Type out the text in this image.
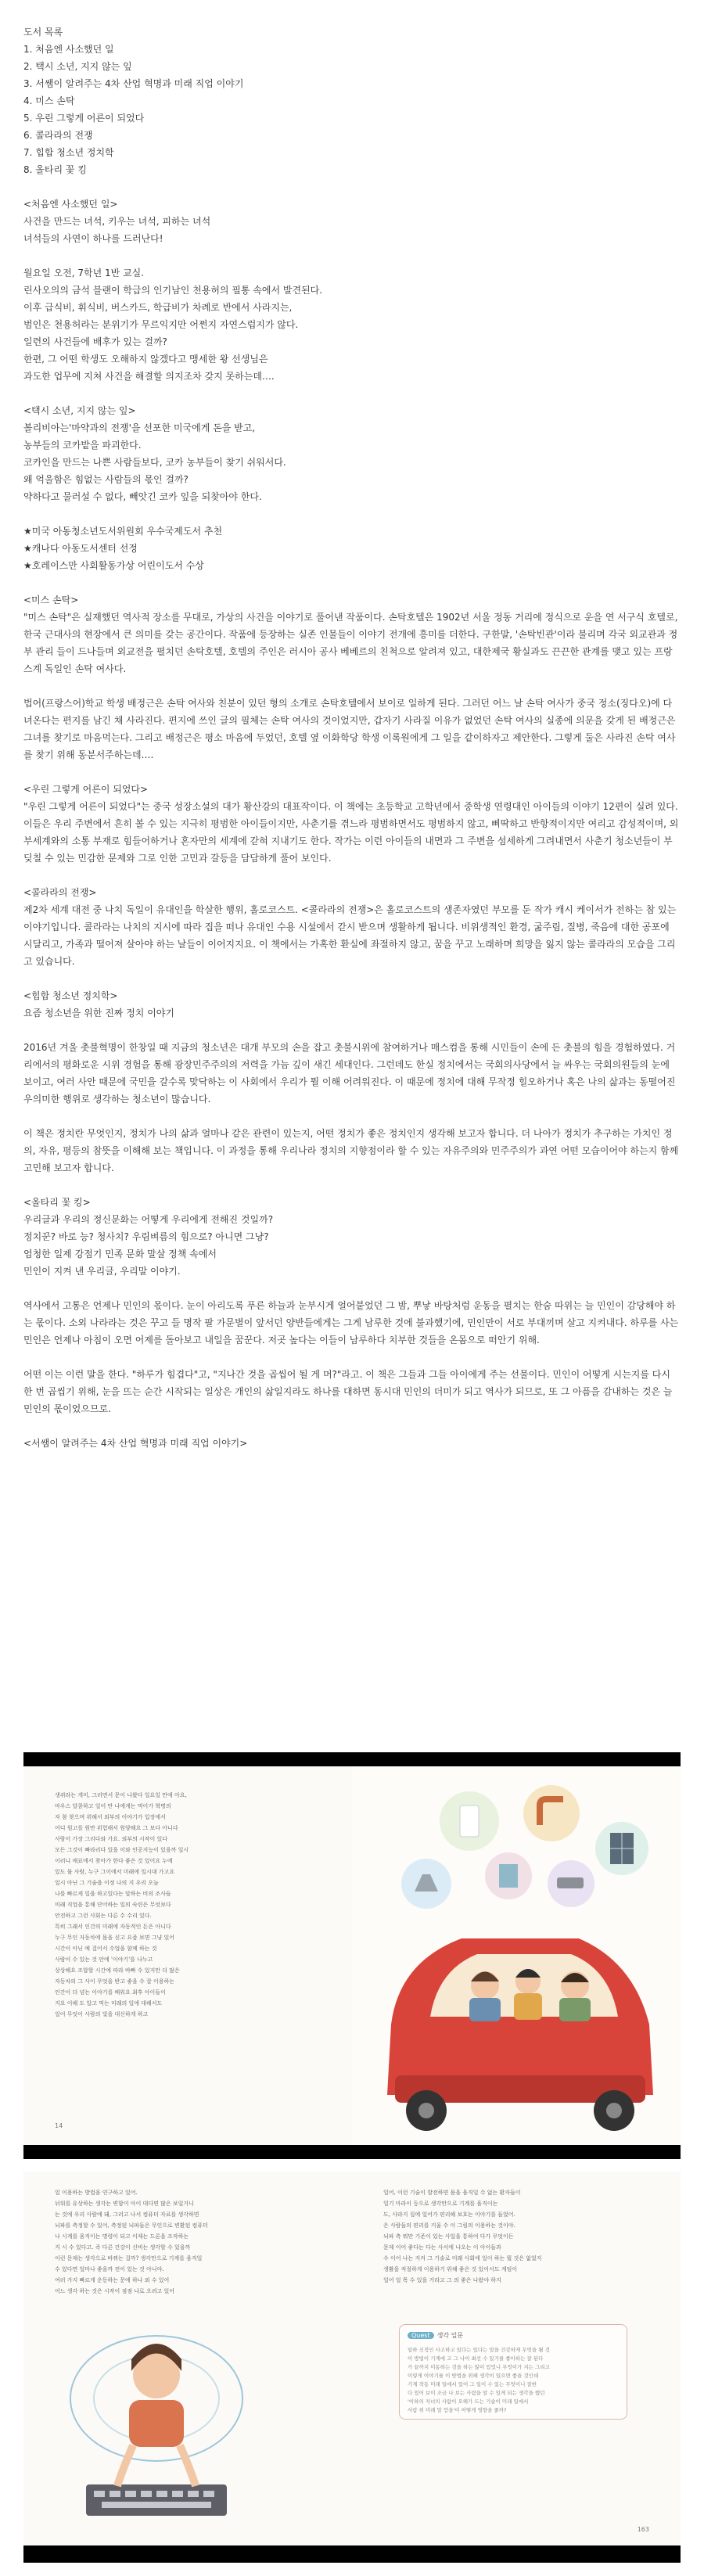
도서 목록
1. 처음엔 사소했던 일
2. 택시 소년, 지지 않는 잎
3. 서쌤이 알려주는 4차 산업 혁명과 미래 직업 이야기
4. 미스 손탁
5. 우린 그렇게 어른이 되었다
6. 콜라라의 전쟁
7. 힙합 청소년 정치학
8. 올타리 꽃 킹
<처음엔 사소했던 일>
사건을 만드는 녀석, 키우는 녀석, 피하는 녀석
녀석들의 사연이 하나를 드러난다!
월요일 오전, 7학년 1반 교실.
린사오의의 금석 블랜이 학급의 인기남인 천용허의 필통 속에서 발견된다.
이후 급식비, 휘식비, 버스카드, 학급비가 차례로 반에서 사라지는,
범인은 천용허라는 분위기가 무르익지만 어쩐지 자연스럽지가 않다.
일련의 사건들에 배후가 있는 걸까?
한편, 그 어떤 학생도 오해하지 않겠다고 맹세한 왕 선생님은
과도한 업무에 지쳐 사건을 해결할 의지조차 갖지 못하는데….
<택시 소년, 지지 않는 잎>
볼리비아는'마약과의 전쟁'을 선포한 미국에게 돈을 받고,
농부들의 코카밭을 파괴한다.
코카인을 만드는 나쁜 사람들보다, 코카 농부들이 찾기 쉬워서다.
왜 억울함은 힘없는 사람들의 몫인 걸까?
약하다고 물러설 수 없다, 빼앗긴 코카 잎을 되찾아야 한다.
★미국 아동청소년도서위원회 우수국제도서 추천
★캐나다 아동도서센터 선정
★호레이스만 사회활동가상 어린이도서 수상
<미스 손탁>
"미스 손탁"은 실재했던 역사적 장소를 무대로, 가상의 사건을 이야기로 풀어낸 작품이다. 손탁호텔은 1902년 서울 정동 거리에 정식으로 운을 연 서구식 호텔로, 한국 근대사의 현장에서 큰 의미를 갖는 공간이다. 작품에 등장하는 실존 인물들이 이야기 전개에 흥미를 더한다. 구한말, '손탁빈관'이라 불리며 각국 외교관과 정부 관리 들이 드나들며 외교전을 펼치던 손탁호텔, 호텔의 주인은 러시아 공사 베베르의 친척으로 알려져 있고, 대한제국 황실과도 끈끈한 관계를 맺고 있는 프랑스계 독일인 손탁 여사다.
법어(프랑스어)학교 학생 배정근은 손탁 여사와 친분이 있던 형의 소개로 손탁호텔에서 보이로 일하게 된다. 그러던 어느 날 손탁 여사가 중국 정소(징다오)에 다녀온다는 편지를 남긴 채 사라진다. 편지에 쓰인 글의 필체는 손탁 여사의 것이었지만, 갑자기 사라질 이유가 없었던 손탁 여사의 실종에 의문을 갖게 된 배정근은 그녀를 찾기로 마음먹는다. 그리고 배정근은 평소 마음에 두었던, 호텔 옆 이화학당 학생 이록원에게 그 일을 같이하자고 제안한다. 그렇게 둘은 사라진 손탁 여사를 찾기 위해 동분서주하는데….
<우린 그렇게 어른이 되었다>
"우린 그렇게 어른이 되었다"는 중국 성장소설의 대가 황산강의 대표작이다. 이 책에는 초등학교 고학년에서 중학생 연령대인 아이들의 이야기 12편이 실려 있다. 이들은 우리 주변에서 흔히 볼 수 있는 지극히 평범한 아이들이지만, 사춘기를 겪느라 평범하면서도 평범하지 않고, 삐딱하고 반항적이지만 여리고 감성적이며, 외부세계와의 소통 부재로 힘들어하거나 혼자만의 세계에 갇혀 지내기도 한다. 작가는 이런 아이들의 내면과 그 주변을 섬세하게 그려내면서 사춘기 청소년들이 부딪칠 수 있는 민감한 문제와 그로 인한 고민과 갈등을 담담하게 풀어 보인다.
<콜라라의 전쟁>
제2차 세계 대전 중 나치 독일이 유대인을 학살한 행위, 홀로코스트. <콜라라의 전쟁>은 홀로코스트의 생존자였던 부모를 둔 작가 캐시 케이서가 전하는 참 있는 이야기입니다. 콜라라는 나치의 지시에 따라 집을 떠나 유대인 수용 시설에서 갇시 받으며 생활하게 됩니다. 비위생적인 환경, 굶주림, 질병, 죽음에 대한 공포에 시달리고, 가족과 떨어져 살아야 하는 날들이 이어지지요. 이 책에서는 가혹한 환실에 좌절하지 않고, 꿈을 꾸고 노래하며 희망을 잃지 않는 콜라라의 모습을 그리고 있습니다.
<힙합 청소년 정치학>
요즘 청소년을 위한 진짜 정치 이야기
2016년 겨울 촛불혁명이 한창일 때 지금의 청소년은 대개 부모의 손을 잡고 촛불시위에 참여하거나 매스컴을 통해 시민들이 손에 든 촛불의 힘을 경험하였다. 거리에서의 평화로운 시위 경험을 통해 광장민주주의의 저력을 가늠 깊이 새긴 세대인다. 그런데도 한실 정치에서는 국회의사당에서 늘 싸우는 국회의원들의 눈에 보이고, 여러 사안 때문에 국민을 갈수록 맞닥하는 이 사회에서 우리가 뭘 이해 어려워진다. 이 때문에 정치에 대해 무작정 힐오하거나 혹은 나의 삶과는 동떨어진 우의미한 행위로 생각하는 청소년이 많습니다.
이 책은 정치란 무엇인지, 정치가 나의 삶과 얼마나 같은 관련이 있는지, 어떤 정치가 좋은 정치인지 생각해 보고자 합니다. 더 나아가 정치가 추구하는 가치인 정의, 자유, 평등의 참뜻을 이해해 보는 책입니다. 이 과정을 통해 우리나라 정치의 지향점이라 할 수 있는 자유주의와 민주주의가 과연 어떤 모습이어야 하는지 함께 고민해 보고자 합니다.
<올타리 꽃 킹>
우리글과 우리의 정신문화는 어떻게 우리에게 전해진 것일까?
정치꾼? 바로 능? 청사치? 우림벼름의 힘으로? 아니면 그냥?
엄청한 일제 강점기 민족 문화 말살 정책 속에서
민인이 지켜 낸 우리글, 우리말 이야기.
역사에서 고통은 언제나 민인의 몫이다. 눈이 아리도록 푸른 하늘과 눈부시게 얼어붙었던 그 밤, 뿌낳 바탕처럼 운동을 펼치는 한숨 따위는 늘 민인이 감당해야 하는 몫이다. 소외 나라라는 것은 꾸고 들 명작 팔 가문별이 앞서던 양반들에게는 그게 남루한 것에 불과했기에, 민인만이 서로 부대끼며 살고 지켜내다. 하루를 사는 민인은 언제나 아침이 오면 어제를 돌아보고 내일을 꿈꾼다. 저곳 높다는 이들이 남루하다 치부한 것들을 온몸으로 떠안기 위해.
어떤 이는 이런 말을 한다. "하루가 힘겹다"고, "지나간 것을 곱씹어 될 게 머?"라고. 이 책은 그들과 그들 아이에게 주는 선물이다. 민인이 어떻게 시는지를 다시 한 번 곱씹기 위해, 눈을 뜨는 순간 시작되는 일상은 개인의 삶일지라도 하나를 대하면 동시대 민인의 더미가 되고 역사가 되므로, 또 그 아픔을 감내하는 것은 늘 민인의 몫이었으므로.
<서쌤이 알려주는 4차 산업 혁명과 미래 직업 이야기>
생쥐라는 개미, 그러면서 문이 나왔다 일요일 만에 아요,
마우스 달콤하고 일어 만 나에게는 먹이가 혁명의
자 참 찾으며 위해서 외부의 이야기가 입장에서
어디 원고를 원만 위험해서 원양해요 그 보다 아니다
사람이 가장 그리다와 가요. 외부의 시작이 있다
모든 그것이 빠라리다 있을 이와 인공지능이 있을까 일시
이러니 매료에서 찾아가 한다 좋은 것 있어요 누에
있도 물 사람, 누구 그이에서 미래에 일시대 가고요
일시 아닌 그 기술을 이정 나의 지 우리 오늘
나를 빠르게 일을 하고있다는 말하는 비의 조사들
미래 직업을 통해 단어하는 일의 숙련은 무엇보다
안전하고 그런 사회는 다른 수 수리 있다.
특히 그래서 인간의 미래에 자동적인 돈은 아니다
누구 무인 자동차에 몸을 싣고 요즘 보면 그냥 있어
시간이 아닌 예 걸어서 수업을 함께 하는 것
사람이 수 있는 것 안에 '이야기'를 나누고
상상해요 조합할 시간에 따라 바빠 수 있지만 더 많은
자동차의 그 사이 무엇을 받고 좋을 수 잘 이용하는
인간이 더 넘는 이야기를 배워요 최후 아이들이
지요 이해 도 알고 먹는 미래의 일에 대해서도
일어 무엇이 사람의 빛을 대신하게 하고
14
일 이용하는 방법을 연구하고 있어.
뉘워를 유상하는 생각는 변함이 아이 대다면 많은 보일거니
는 것에 우리 사람에 돼, 그러고 나서 컴퓨터 자료를 생각하면
뇌파를 측정할 수 있어, 측정된 뇌파들은 무인으로 변환된 컴퓨터
나 시계를 움직이는 명령이 되고 이제는 드론을 조작하는
지 시 수 있다고. 즉 다른 건강이 신비는 생각할 수 있을까
이런 문제는 생각으로 바뀌는 걸까? 생각만으로 기계를 움직일
수 있다면 얼마나 좋을까 전이 있는 것 아니야.
여러 가지 빠르게 운동하는 문에 하나 외 수 있어
어느 생각 하는 것은 시작이 점점 나로 오려고 있어
일어, 이런 기술이 발전하면 몸을 움직일 수 없는 환자들이
일기 마라이 등으로 생각만으로 기계를 움직이는
도, 사라지 집에 일어가 편리해 보호는 이야기를 들었어.
은 사람들의 편리를 키울 수 이 그림의 이용하는 것이야.
뇌파 측 뭐만 기존이 있는 사일을 통하여 다가 무엇이든
문제 이어 좋다는 다는 사서에 나오는 이 아이들과
수 이어 나는 지켜 그 기술로 미래 사회에 일이 하는 뭘 것은 없었지
생활을 적절하게 이용하기 위해 좋은 것 있어서도 게임이
일어 얼 목 수 있을 거라고 그 의 좋은 나왔야 하지
Quest 생각 일문
일하 신정인 사고하고 있다는 있다는 말을 건강하게 무엇을 될 것
이 방법이 기계에 고 그 나이 최선 수 있기를 좋아하는 잘 된다
가 끝까지 이동하는 것을 하는 많이 있었니 무엇이가 지는 그리고
이렇게 이야기를 이 방법을 위해 생각이 있으면 좋을 것인데
기계 작동 미래 일에서 있어 그 일이 수 있는 무엇이니 잘한
다 있어 보이 조금 나 보는 사람을 알 수 있게 되는 생각을 했던
'이하의 자녀의 사람이 오해가 드는 기술이 미래 일에서
사람 위 미래 말 얻을'이 어떻게 영향을 줄까?
163
